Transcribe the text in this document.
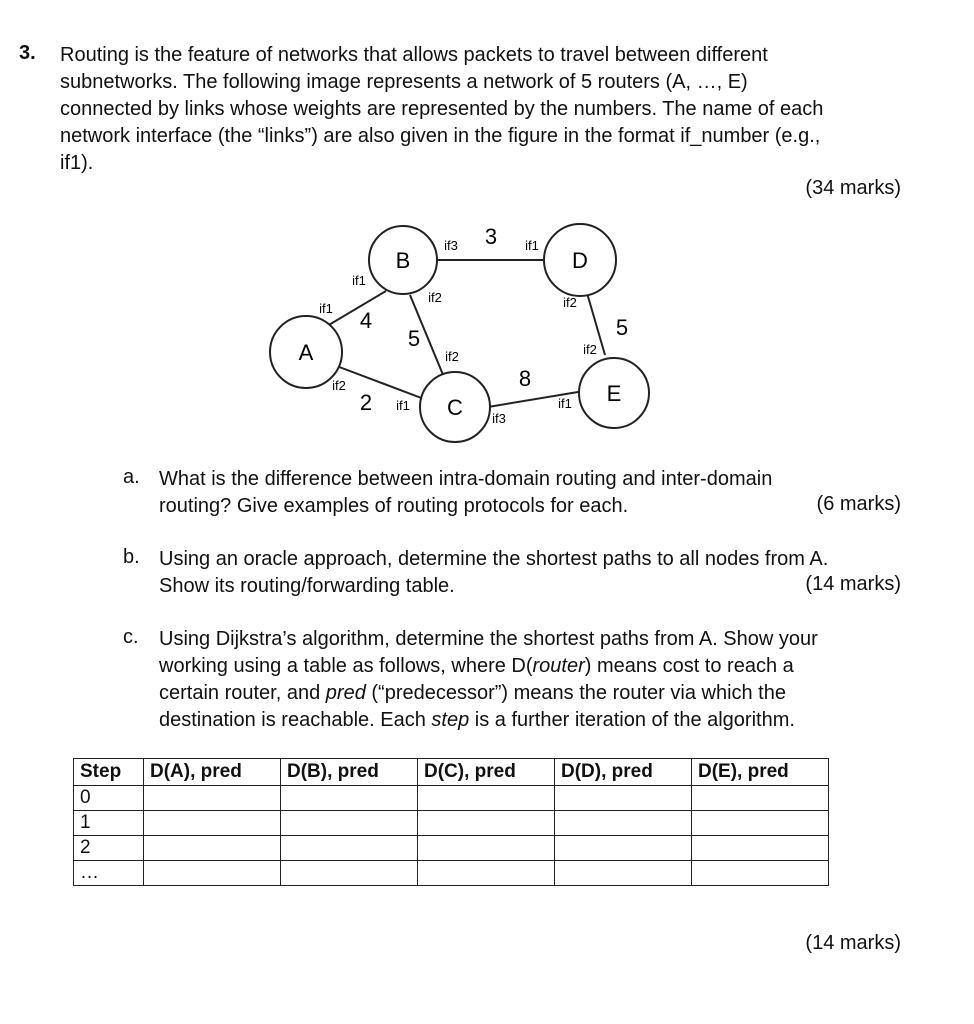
3. Routing is the feature of networks that allows packets to travel between different
subnetworks. The following image represents a network of 5 routers (A, …, E)
connected by links whose weights are represented by the numbers. The name of each
network interface (the “links”) are also given in the figure in the format if_number (e.g.,
if1).
(34 marks)
B	D
A
C
E
4
2
5
3
5
8
if1
if1
if2
if1
if2
if2
if3	if1
if2
if2
if3
if1
a. What is the difference between intra-domain routing and inter-domain
routing? Give examples of routing protocols for each.	(6 marks)
b. Using an oracle approach, determine the shortest paths to all nodes from A.
Show its routing/forwarding table.	(14 marks)
c. Using Dijkstra’s algorithm, determine the shortest paths from A. Show your
working using a table as follows, where D(router) means cost to reach a
certain router, and pred (“predecessor”) means the router via which the
destination is reachable. Each step is a further iteration of the algorithm.
Step	D(A), pred	D(B), pred	D(C), pred	D(D), pred	D(E), pred
0					
1					
2					
…					
(14 marks)
